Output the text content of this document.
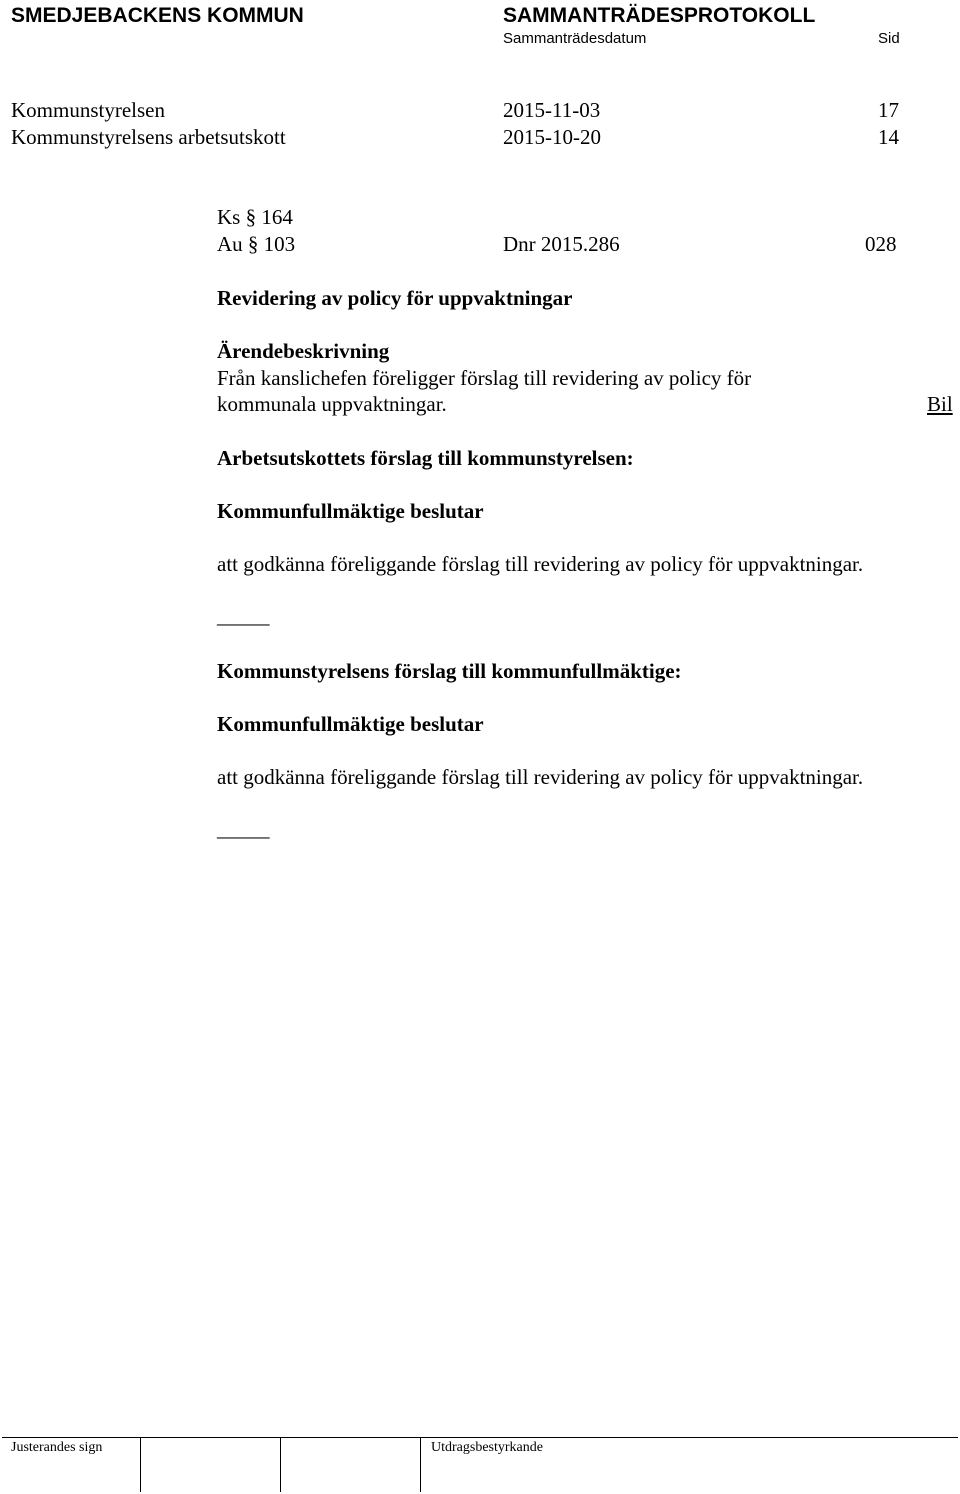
SMEDJEBACKENS KOMMUN	SAMMANTRÄDESPROTOKOLL
Sammanträdesdatum	Sid
Kommunstyrelsen	2015-11-03	17
Kommunstyrelsens arbetsutskott	2015-10-20	14
Ks § 164
Au § 103	Dnr 2015.286	028
Revidering av policy för uppvaktningar
Ärendebeskrivning
Från kanslichefen föreligger förslag till revidering av policy för
kommunala uppvaktningar.	Bil
Arbetsutskottets förslag till kommunstyrelsen:
Kommunfullmäktige beslutar
att godkänna föreliggande förslag till revidering av policy för uppvaktningar.
_____
Kommunstyrelsens förslag till kommunfullmäktige:
Kommunfullmäktige beslutar
att godkänna föreliggande förslag till revidering av policy för uppvaktningar.
_____
Justerandes sign	Utdragsbestyrkande
